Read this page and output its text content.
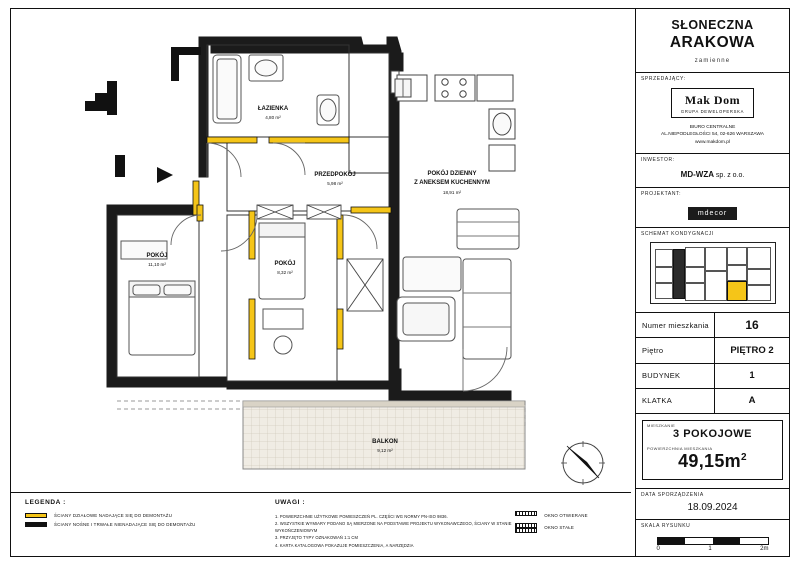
ŁAZIENKA
4,80 m²
PRZEDPOKÓJ
5,98 m²
POKÓJ DZIENNY
Z ANEKSEM KUCHENNYM
18,91 m²
POKÓJ
11,10 m²	POKÓJ
8,32 m²
BALKON
9,12 m²
LEGENDA :
ŚCIANY DZIAŁOWE NADAJĄCE SIĘ DO DEMONTAŻU
ŚCIANY NOŚNE I TRWAŁE NIENADAJĄCE SIĘ DO DEMONTAŻU
UWAGI :
1. POWIERZCHNIE UŻYTKOWE POMIESZCZEŃ PL. CZĘŚCI WG NORMY PN-ISO 9836.
2. WSZYSTKIE WYMIARY PODANO SĄ MIERZONE NA PODSTAWIE PROJEKTU WYKONAWCZEGO, ŚCIANY W STANIE WYKOŃCZENIOWYM
3. PRZYJĘTO TYPY OZNAKOWAŃ 1:1 CM
4. KARTA KATALOGOWA POKAZUJE POMIESZCZENIA, A NARZĘDZIA
OKNO OTWIERANE
OKNO STAŁE
SŁONECZNA
ARAKOWA
zamienne
SPRZEDAJĄCY:
Mak Dom
GRUPA DEWELOPERSKA
BIURO CENTRALNE
AL.NIEPODLEGŁOŚCI 54, 02-626 WARSZAWA
www.makdom.pl
INWESTOR:
MD-WZA sp. z o.o.
PROJEKTANT:
mdecor
SCHEMAT KONDYGNACJI
Numer mieszkania	16
Piętro	PIĘTRO 2
BUDYNEK	1
KLATKA	A
MIESZKANIE
3 POKOJOWE
POWIERZCHNIA MIESZKANIA
$49,15m^2$
DATA SPORZĄDZENIA
18.09.2024
SKALA RYSUNKU
0	1	2m
